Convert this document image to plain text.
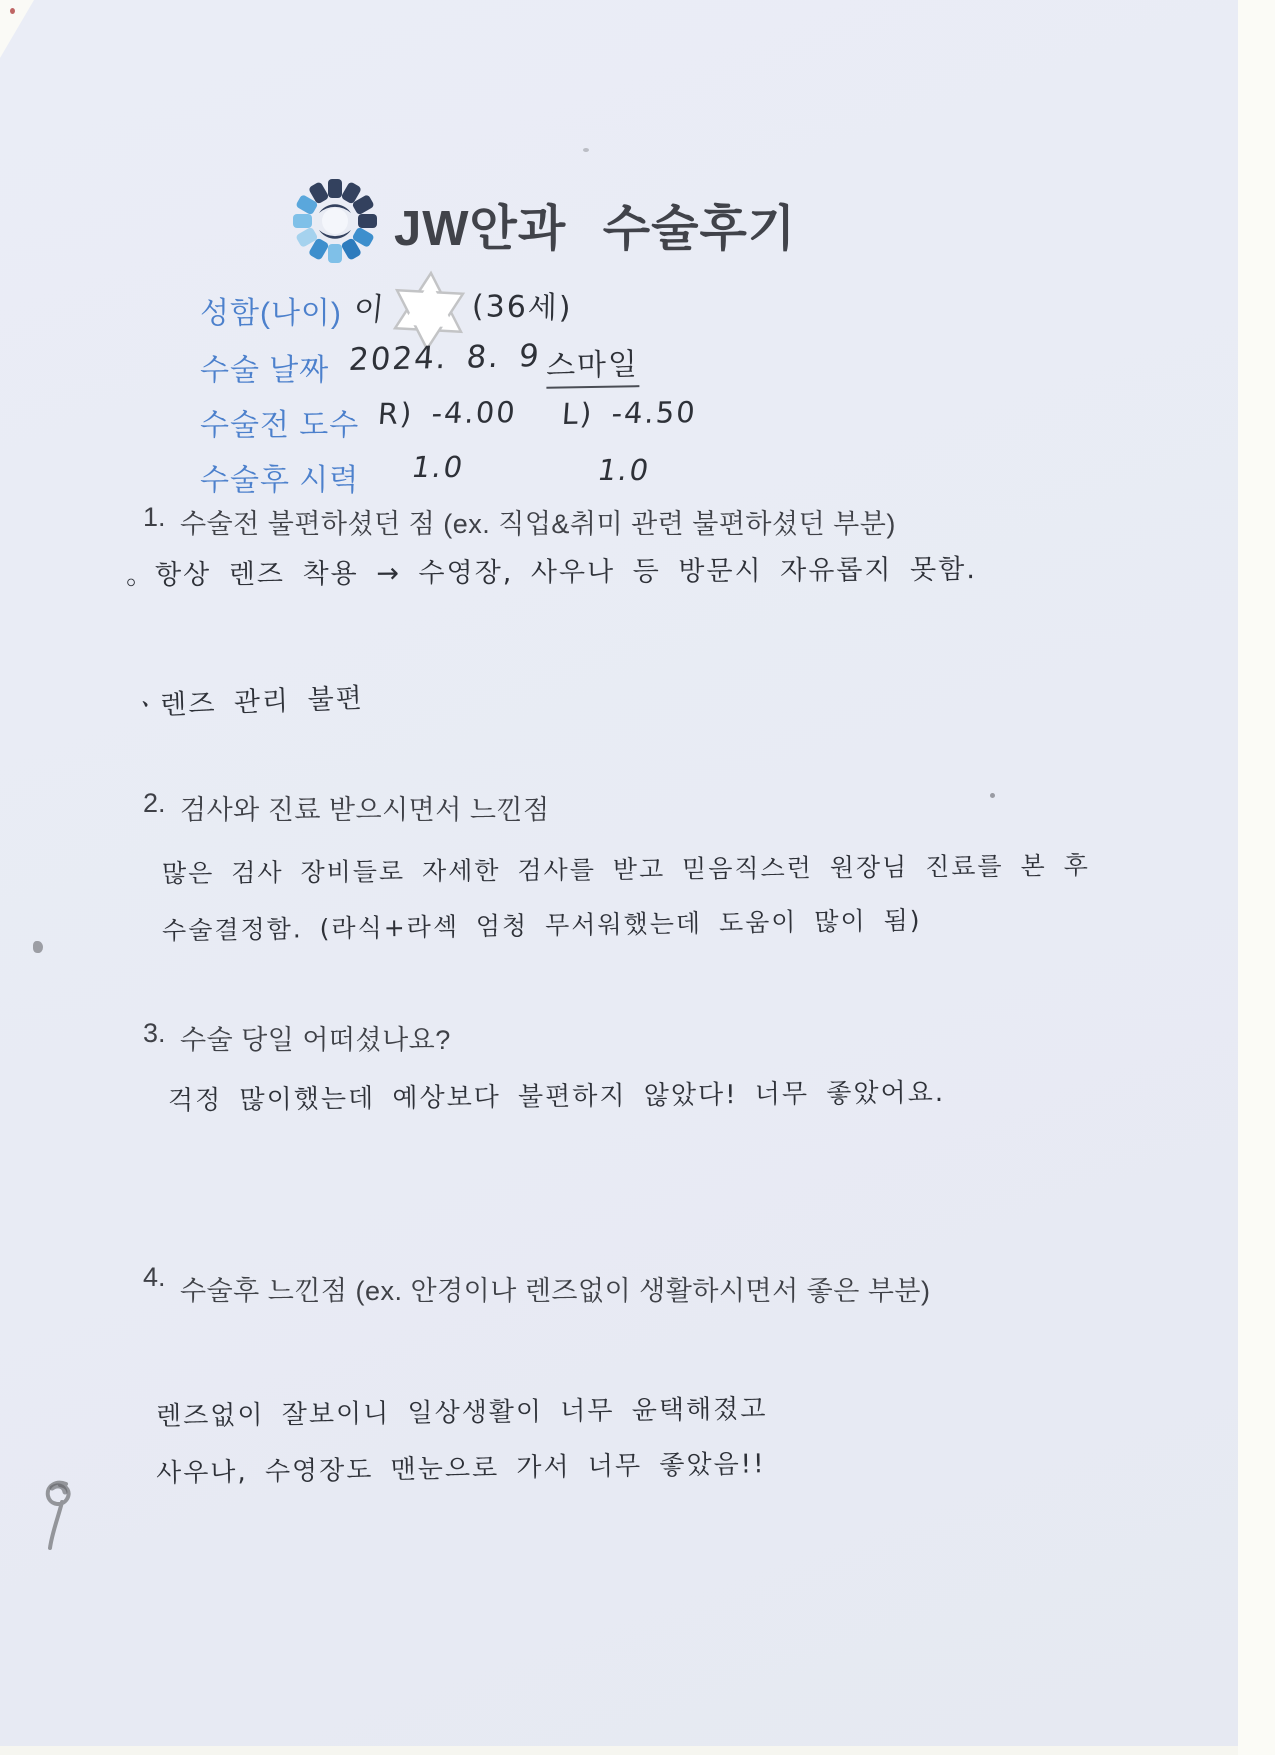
JW안과 수술후기
성함(나이)
수술 날짜
수술전 도수
수술후 시력
이	(36세)
2024. 8. 9 스마일
R) -4.00 L) -4.50
1.0	1.0
1. 수술전 불편하셨던 점 (ex. 직업&취미 관련 불편하셨던 부분)
。항상 렌즈 착용 → 수영장, 사우나 등 방문시 자유롭지 못함.
ㆍ렌즈 관리 불편
2. 검사와 진료 받으시면서 느낀점
많은 검사 장비들로 자세한 검사를 받고 믿음직스런 원장님 진료를 본 후
수술결정함. (라식+라섹 엄청 무서워했는데 도움이 많이 됨)
3. 수술 당일 어떠셨나요?
걱정 많이했는데 예상보다 불편하지 않았다! 너무 좋았어요.
4. 수술후 느낀점 (ex. 안경이나 렌즈없이 생활하시면서 좋은 부분)
렌즈없이 잘보이니 일상생활이 너무 윤택해졌고
사우나, 수영장도 맨눈으로 가서 너무 좋았음!!
